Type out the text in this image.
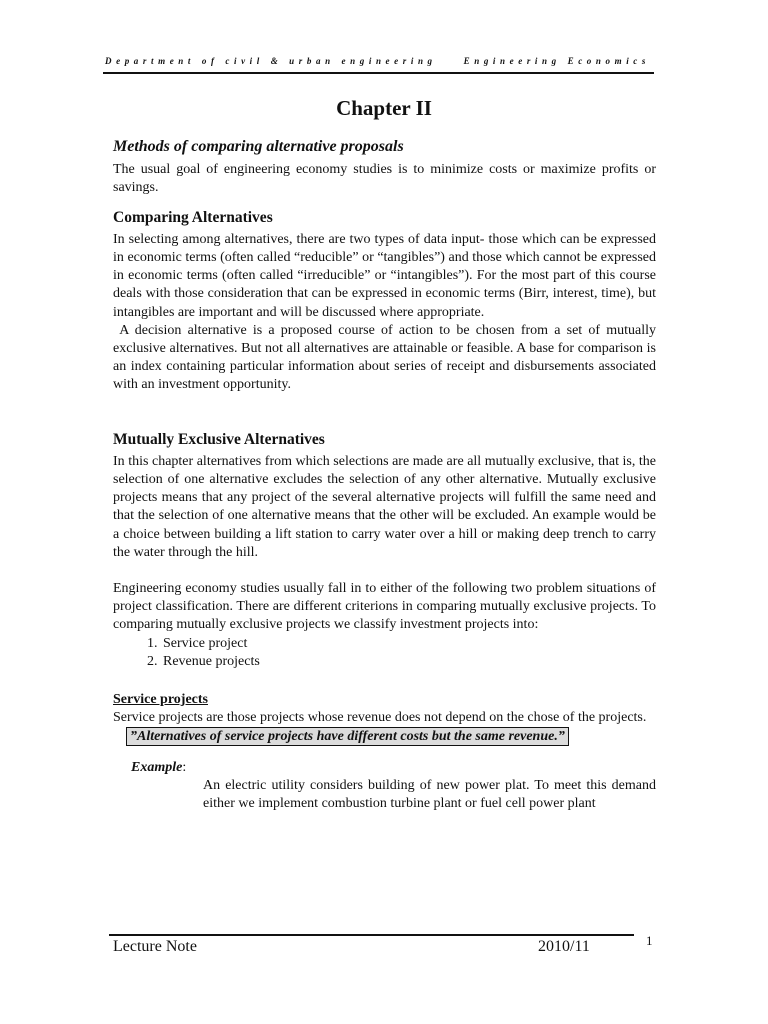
Department of civil & urban engineering	Engineering Economics
Chapter II
Methods of comparing alternative proposals

The usual goal of engineering economy studies is to minimize costs or maximize profits or savings.

Comparing Alternatives

In selecting among alternatives, there are two types of data input- those which can be expressed in economic terms (often called “reducible” or “tangibles”) and those which cannot be expressed in economic terms (often called “irreducible” or “intangibles”). For the most part of this course deals with those consideration that can be expressed in economic terms (Birr, interest, time), but intangibles are important and will be discussed where appropriate.

A decision alternative is a proposed course of action to be chosen from a set of mutually exclusive alternatives. But not all alternatives are attainable or feasible. A base for comparison is an index containing particular information about series of receipt and disbursements associated with an investment opportunity.

Mutually Exclusive Alternatives

In this chapter alternatives from which selections are made are all mutually exclusive, that is, the selection of one alternative excludes the selection of any other alternative. Mutually exclusive projects means that any project of the several alternative projects will fulfill the same need and that the selection of one alternative means that the other will be excluded. An example would be a choice between building a lift station to carry water over a hill or making deep trench to carry the water through the hill.

Engineering economy studies usually fall in to either of the following two problem situations of project classification. There are different criterions in comparing mutually exclusive projects. To comparing mutually exclusive projects we classify investment projects into:

1. Service project
2. Revenue projects

Service projects

Service projects are those projects whose revenue does not depend on the chose of the projects.

”Alternatives of service projects have different costs but the same revenue.”

Example:

An electric utility considers building of new power plat. To meet this demand either we implement combustion turbine plant or fuel cell power plant

Lecture Note	2010/11	1
